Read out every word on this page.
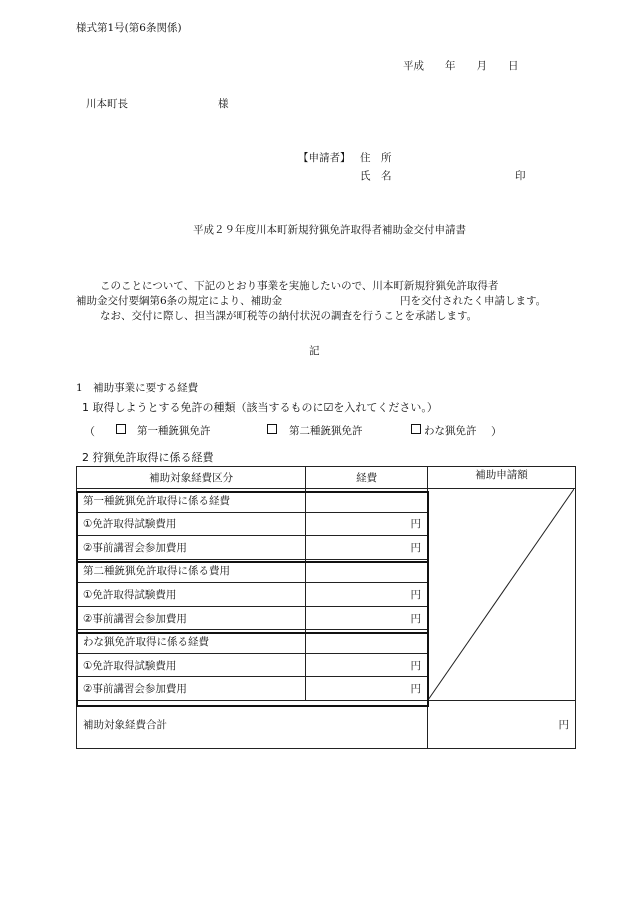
様式第1号(第6条関係)
平成　　年　　月　　日
川本町長	様
【申請者】 住　所
氏　名	印
平成２９年度川本町新規狩猟免許取得者補助金交付申請書
このことについて、下記のとおり事業を実施したいので、川本町新規狩猟免許取得者
補助金交付要綱第6条の規定により、補助金	円を交付されたく申請します。
なお、交付に際し、担当課が町税等の納付状況の調査を行うことを承諾します。
記
1　補助事業に要する経費
1 取得しようとする免許の種類（該当するものに☑を入れてください。）
（	第一種銃猟免許	第二種銃猟免許	わな猟免許 ）
2 狩猟免許取得に係る経費
補助対象経費区分	経費	補助申請額
第一種銃猟免許取得に係る経費		

①免許取得試験費用	円	
②事前講習会参加費用	円	
第二種銃猟免許取得に係る費用		
①免許取得試験費用	円	
②事前講習会参加費用	円	
わな猟免許取得に係る経費		
①免許取得試験費用	円	
②事前講習会参加費用	円	
補助対象経費合計		円
